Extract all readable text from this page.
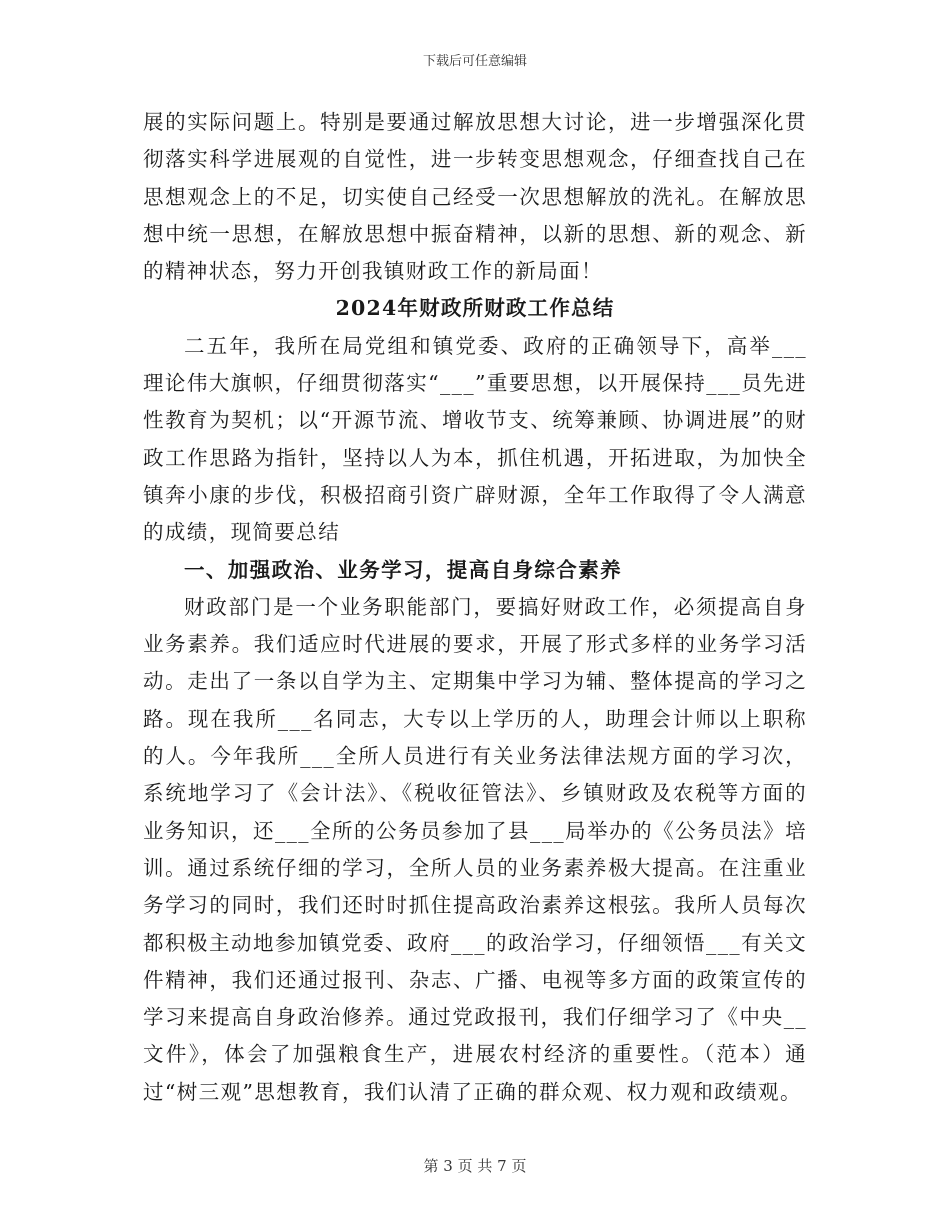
下载后可任意编辑

展的实际问题上。特别是要通过解放思想大讨论，进一步增强深化贯彻落实科学进展观的自觉性，进一步转变思想观念，仔细查找自己在思想观念上的不足，切实使自己经受一次思想解放的洗礼。在解放思想中统一思想，在解放思想中振奋精神，以新的思想、新的观念、新的精神状态，努力开创我镇财政工作的新局面！

2024年财政所财政工作总结

二五年，我所在局党组和镇党委、政府的正确领导下，高举___理论伟大旗帜，仔细贯彻落实“___”重要思想，以开展保持___员先进性教育为契机；以“开源节流、增收节支、统筹兼顾、协调进展”的财政工作思路为指针，坚持以人为本，抓住机遇，开拓进取，为加快全镇奔小康的步伐，积极招商引资广辟财源，全年工作取得了令人满意的成绩，现简要总结

一、加强政治、业务学习，提高自身综合素养

财政部门是一个业务职能部门，要搞好财政工作，必须提高自身业务素养。我们适应时代进展的要求，开展了形式多样的业务学习活动。走出了一条以自学为主、定期集中学习为辅、整体提高的学习之路。现在我所___名同志，大专以上学历的人，助理会计师以上职称的人。今年我所___全所人员进行有关业务法律法规方面的学习次，系统地学习了《会计法》、《税收征管法》、乡镇财政及农税等方面的业务知识，还___全所的公务员参加了县___局举办的《公务员法》培训。通过系统仔细的学习，全所人员的业务素养极大提高。在注重业务学习的同时，我们还时时抓住提高政治素养这根弦。我所人员每次都积极主动地参加镇党委、政府___的政治学习，仔细领悟___有关文件精神，我们还通过报刊、杂志、广播、电视等多方面的政策宣传的学习来提高自身政治修养。通过党政报刊，我们仔细学习了《中央__文件》，体会了加强粮食生产，进展农村经济的重要性。（范本）通过“树三观”思想教育，我们认清了正确的群众观、权力观和政绩观。

第 3 页 共 7 页
